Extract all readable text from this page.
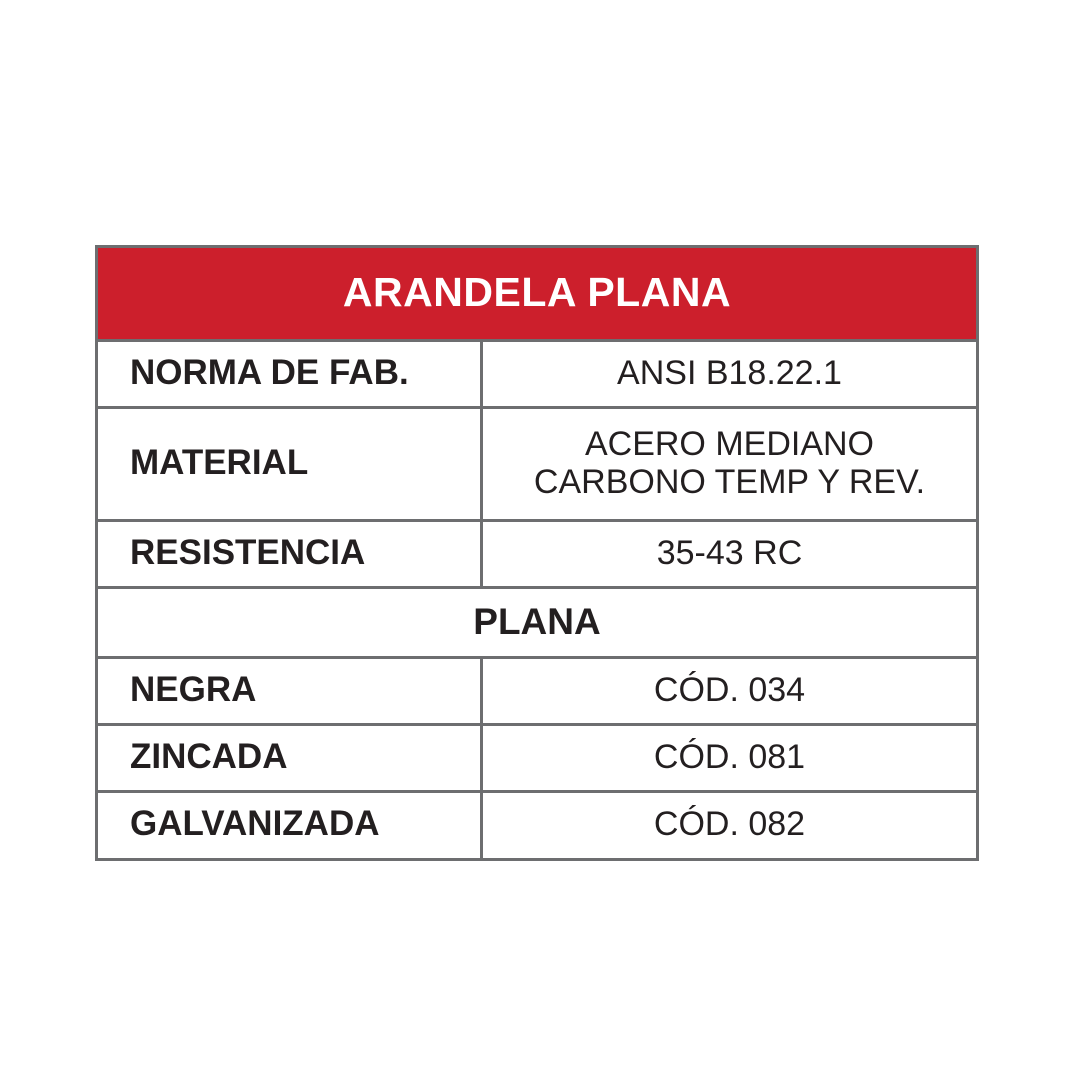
ARANDELA PLANA
NORMA DE FAB.	ANSI B18.22.1
MATERIAL	ACERO MEDIANO CARBONO TEMP Y REV.
RESISTENCIA	35-43 RC
PLANA
NEGRA	CÓD. 034
ZINCADA	CÓD. 081
GALVANIZADA	CÓD. 082
